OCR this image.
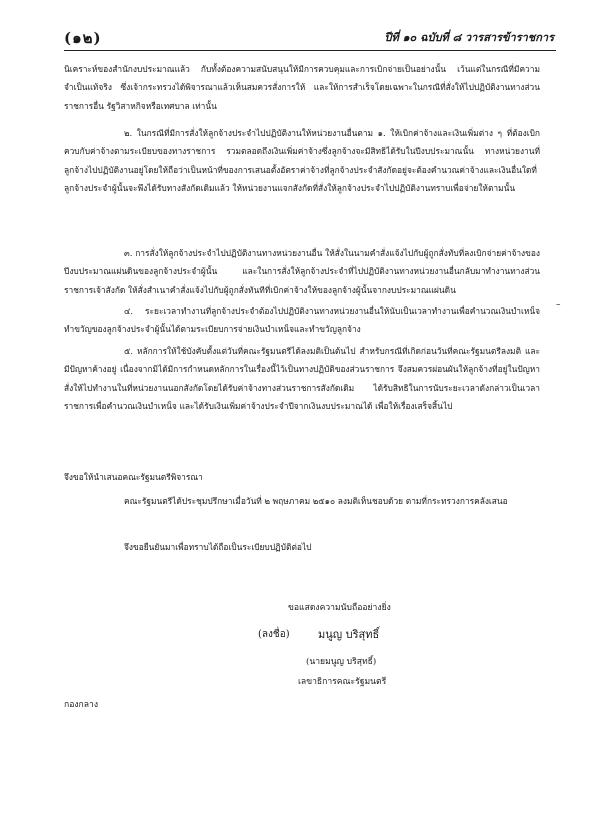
(๑๒)	ปีที่ ๑๐ ฉบับที่ ๘ วารสารข้าราชการ
นิเคราะห์ของสำนักงบประมาณแล้ว กับทั้งต้องความสนับสนุนให้มีการควบคุมและการเบิกจ่ายเป็นอย่างนั้น เว้นแต่ในกรณีที่มีความจำเป็นแท้จริง ซึ่งเจ้ากระทรวงได้พิจารณาแล้วเห็นสมควรสั่งการให้ และให้การสำเร็จโดยเฉพาะในกรณีที่สั่งให้ไปปฏิบัติงานทางส่วนราชการอื่น รัฐวิสาหกิจหรือเทศบาล เท่านั้น
๒. ในกรณีที่มีการสั่งให้ลูกจ้างประจำไปปฏิบัติงานให้หน่วยงานอื่นตาม ๑. ให้เบิกค่าจ้างและเงินเพิ่มต่าง ๆ ที่ต้องเบิกควบกับค่าจ้างตามระเบียบของทางราชการ รวมตลอดถึงเงินเพิ่มค่าจ้างซึ่งลูกจ้างจะมีสิทธิได้รับในปีงบประมาณนั้น ทางหน่วยงานที่ลูกจ้างไปปฏิบัติงานอยู่โดยให้ถือว่าเป็นหน้าที่ของการเสนอตั้งอัตราค่าจ้างที่ลูกจ้างประจำสังกัดอยู่จะต้องคำนวณค่าจ้างและเงินอื่นใดที่ลูกจ้างประจำผู้นั้นจะพึงได้รับทางสังกัดเดิมแล้ว ให้หน่วยงานแจกสังกัดที่สั่งให้ลูกจ้างประจำไปปฏิบัติงานทราบเพื่อจ่ายให้ตามนั้น
๓. การสั่งให้ลูกจ้างประจำไปปฏิบัติงานทางหน่วยงานอื่น ให้สั่งในนามคำสั่งแจ้งไปกับผู้ถูกสั่งทับที่ลงเบิกจ่ายค่าจ้างของปีงบประมาณแผ่นดินของลูกจ้างประจำผู้นั้น และในการสั่งให้ลูกจ้างประจำที่ไปปฏิบัติงานทางหน่วยงานอื่นกลับมาทำงานทางส่วนราชการเจ้าสังกัด ให้สั่งสำเนาคำสั่งแจ้งไปกับผู้ถูกสั่งทันทีที่เบิกค่าจ้างให้ของลูกจ้างผู้นั้นจากงบประมาณแผ่นดิน
๔. ระยะเวลาทำงานที่ลูกจ้างประจำต้องไปปฏิบัติงานทางหน่วยงานอื่นให้นับเป็นเวลาทำงานเพื่อคำนวณเงินบำเหน็จทำขวัญของลูกจ้างประจำผู้นั้นได้ตามระเบียบการจ่ายเงินบำเหน็จและทำขวัญลูกจ้าง
–
๕. หลักการให้ใช้บังคับตั้งแต่วันที่คณะรัฐมนตรีได้ลงมติเป็นต้นไป สำหรับกรณีที่เกิดก่อนวันที่คณะรัฐมนตรีลงมติ และมีปัญหาค้างอยู่ เนื่องจากมิได้มีการกำหนดหลักการในเรื่องนี้ไว้เป็นทางปฏิบัติของส่วนราชการ จึงสมควรผ่อนผันให้ลูกจ้างที่อยู่ในปัญหาสั่งให้ไปทำงานในที่หน่วยงานนอกสังกัดโดยได้รับค่าจ้างทางส่วนราชการสังกัดเดิม ได้รับสิทธิในการนับระยะเวลาดังกล่าวเป็นเวลาราชการเพื่อคำนวณเงินบำเหน็จ และได้รับเงินเพิ่มค่าจ้างประจำปีจากเงินงบประมาณได้ เพื่อให้เรื่องเสร็จสิ้นไป
จึงขอให้นำเสนอคณะรัฐมนตรีพิจารณา
คณะรัฐมนตรีได้ประชุมปรึกษาเมื่อวันที่ ๒ พฤษภาคม ๒๕๑๐ ลงมติเห็นชอบด้วย ตามที่กระทรวงการคลังเสนอ
จึงขอยืนยันมาเพื่อทราบได้ถือเป็นระเบียบปฏิบัติต่อไป
ขอแสดงความนับถืออย่างยิ่ง
(ลงชื่อ)	มนูญ บริสุทธิ์
(นายมนูญ บริสุทธิ์)
เลขาธิการคณะรัฐมนตรี
กองกลาง
